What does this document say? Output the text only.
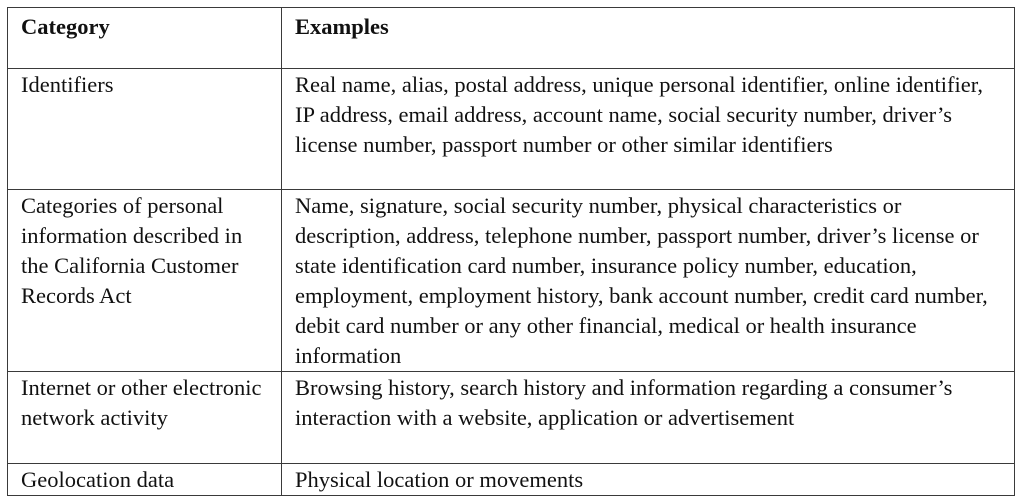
Category	Examples
Identifiers	Real name, alias, postal address, unique personal identifier, online identifier, IP address, email address, account name, social security number, driver’s license number, passport number or other similar identifiers
Categories of personal information described in the California Customer Records Act	Name, signature, social security number, physical characteristics or description, address, telephone number, passport number, driver’s license or state identification card number, insurance policy number, education, employment, employment history, bank account number, credit card number, debit card number or any other financial, medical or health insurance information
Internet or other electronic network activity	Browsing history, search history and information regarding a consumer’s interaction with a website, application or advertisement
Geolocation data	Physical location or movements
